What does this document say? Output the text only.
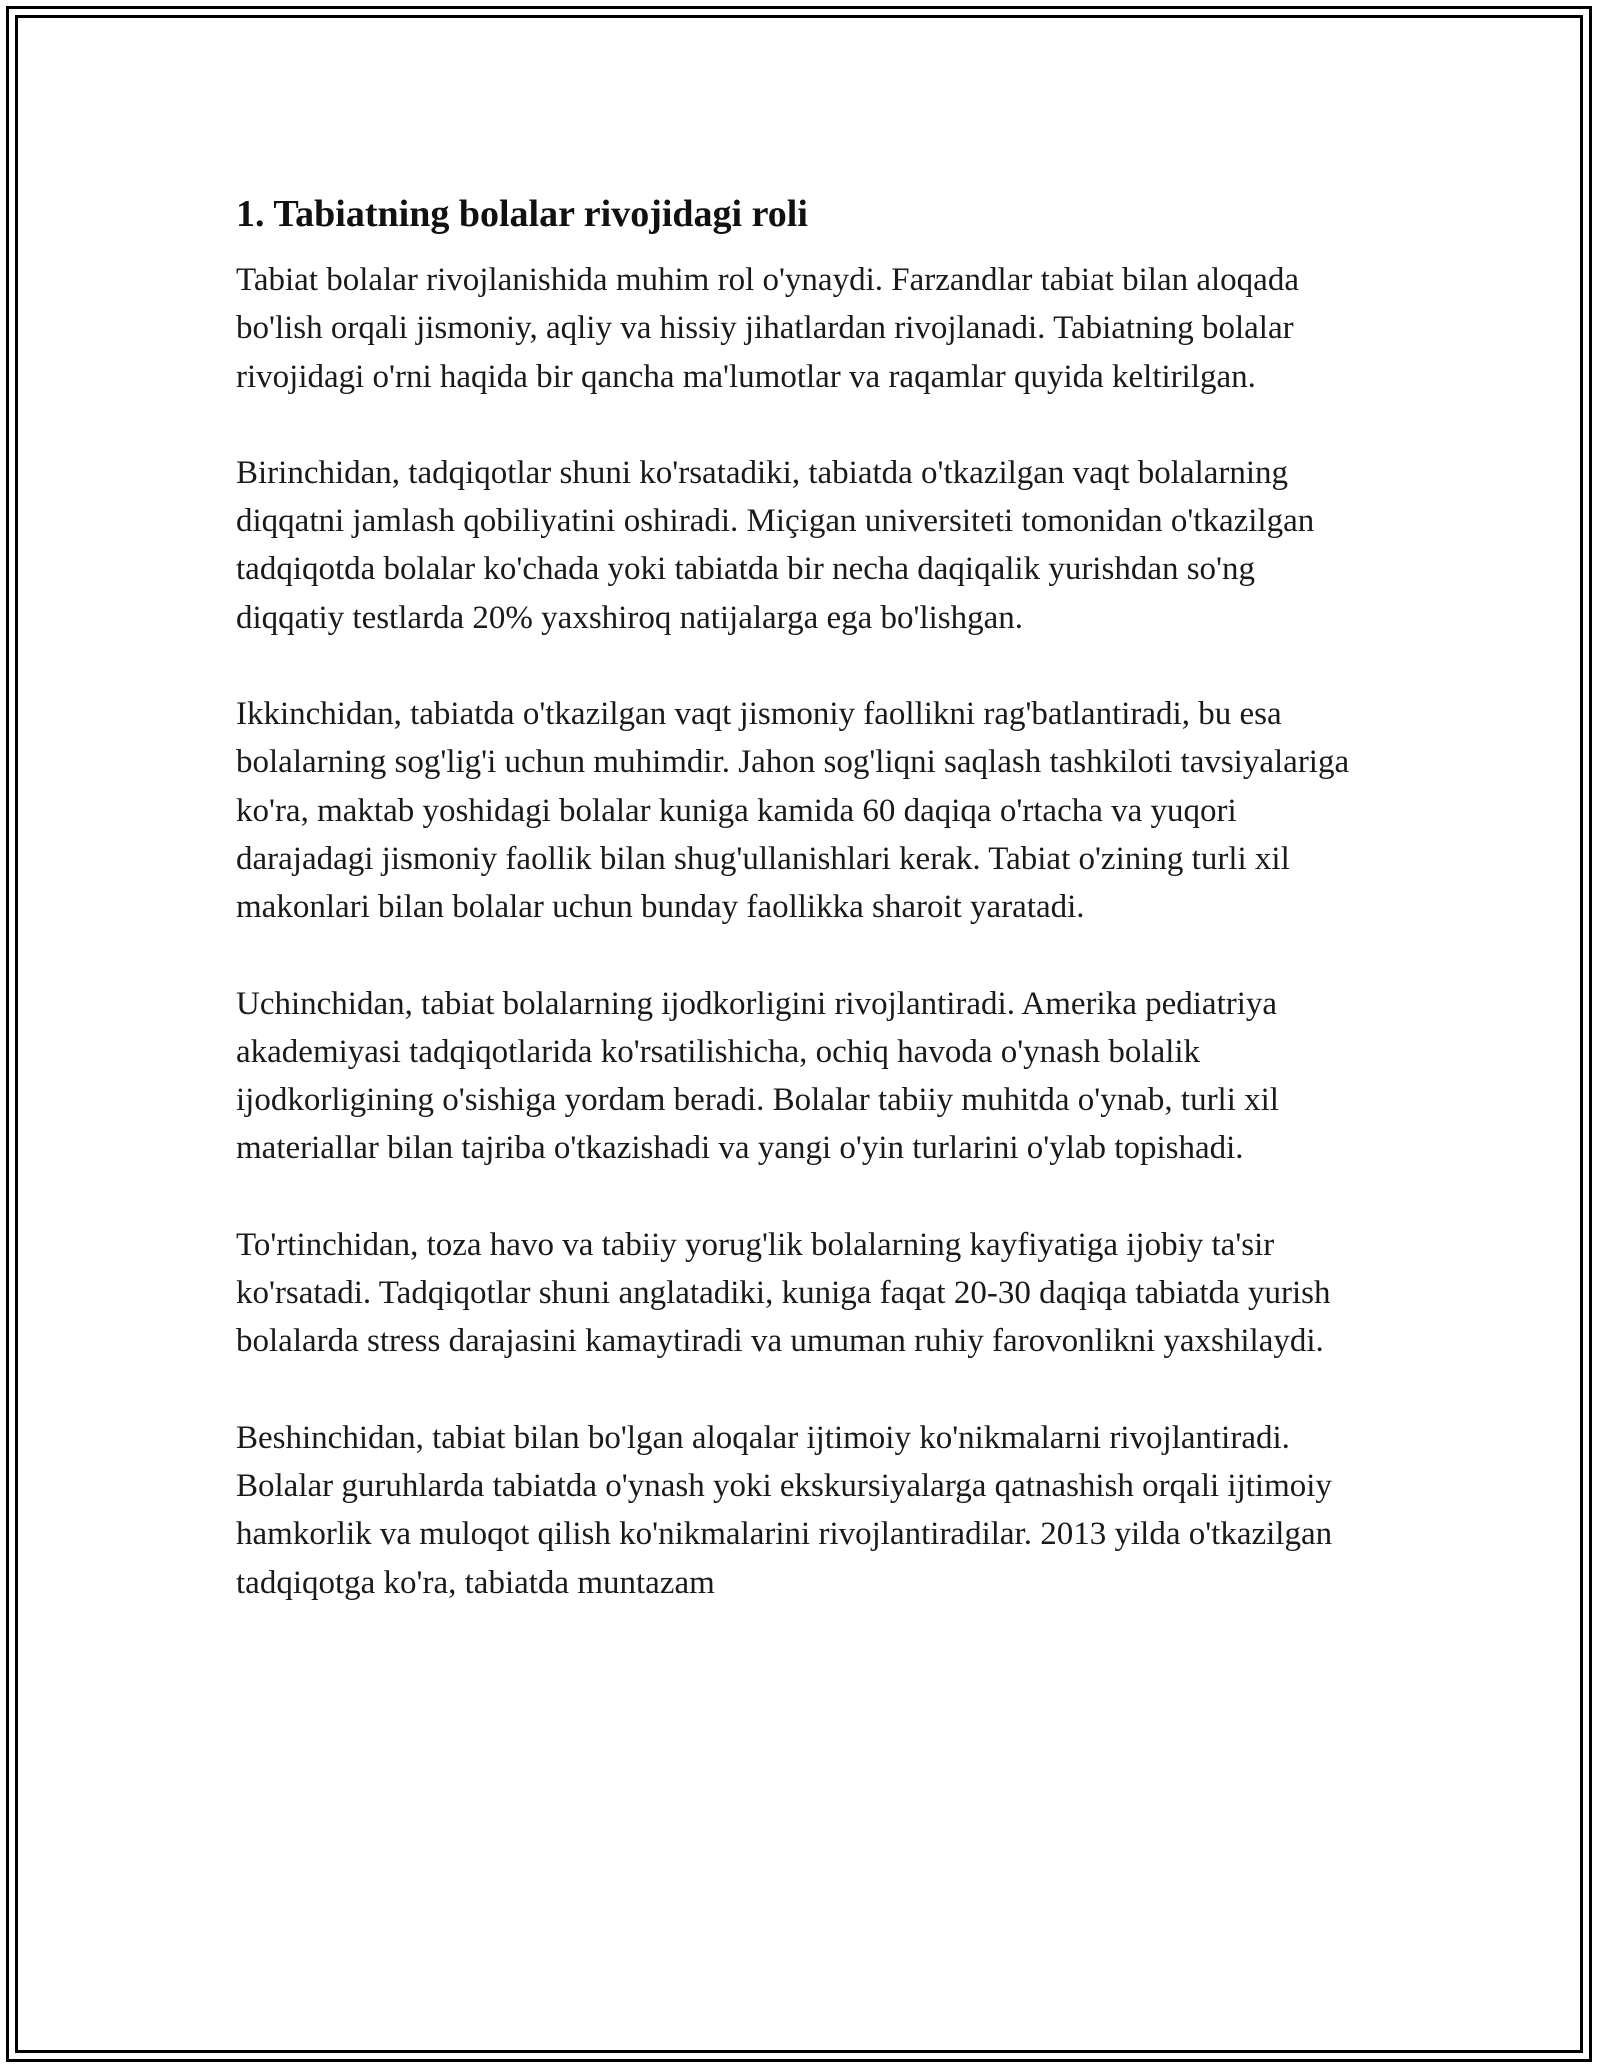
1. Tabiatning bolalar rivojidagi roli

Tabiat bolalar rivojlanishida muhim rol o'ynaydi. Farzandlar tabiat bilan aloqada bo'lish orqali jismoniy, aqliy va hissiy jihatlardan rivojlanadi. Tabiatning bolalar rivojidagi o'rni haqida bir qancha ma'lumotlar va raqamlar quyida keltirilgan.

Birinchidan, tadqiqotlar shuni ko'rsatadiki, tabiatda o'tkazilgan vaqt bolalarning diqqatni jamlash qobiliyatini oshiradi. Miçigan universiteti tomonidan o'tkazilgan tadqiqotda bolalar ko'chada yoki tabiatda bir necha daqiqalik yurishdan so'ng diqqatiy testlarda 20% yaxshiroq natijalarga ega bo'lishgan.

Ikkinchidan, tabiatda o'tkazilgan vaqt jismoniy faollikni rag'batlantiradi, bu esa bolalarning sog'lig'i uchun muhimdir. Jahon sog'liqni saqlash tashkiloti tavsiyalariga ko'ra, maktab yoshidagi bolalar kuniga kamida 60 daqiqa o'rtacha va yuqori darajadagi jismoniy faollik bilan shug'ullanishlari kerak. Tabiat o'zining turli xil makonlari bilan bolalar uchun bunday faollikka sharoit yaratadi.

Uchinchidan, tabiat bolalarning ijodkorligini rivojlantiradi. Amerika pediatriya akademiyasi tadqiqotlarida ko'rsatilishicha, ochiq havoda o'ynash bolalik ijodkorligining o'sishiga yordam beradi. Bolalar tabiiy muhitda o'ynab, turli xil materiallar bilan tajriba o'tkazishadi va yangi o'yin turlarini o'ylab topishadi.

To'rtinchidan, toza havo va tabiiy yorug'lik bolalarning kayfiyatiga ijobiy ta'sir ko'rsatadi. Tadqiqotlar shuni anglatadiki, kuniga faqat 20-30 daqiqa tabiatda yurish bolalarda stress darajasini kamaytiradi va umuman ruhiy farovonlikni yaxshilaydi.

Beshinchidan, tabiat bilan bo'lgan aloqalar ijtimoiy ko'nikmalarni rivojlantiradi. Bolalar guruhlarda tabiatda o'ynash yoki ekskursiyalarga qatnashish orqali ijtimoiy hamkorlik va muloqot qilish ko'nikmalarini rivojlantiradilar. 2013 yilda o'tkazilgan tadqiqotga ko'ra, tabiatda muntazam
